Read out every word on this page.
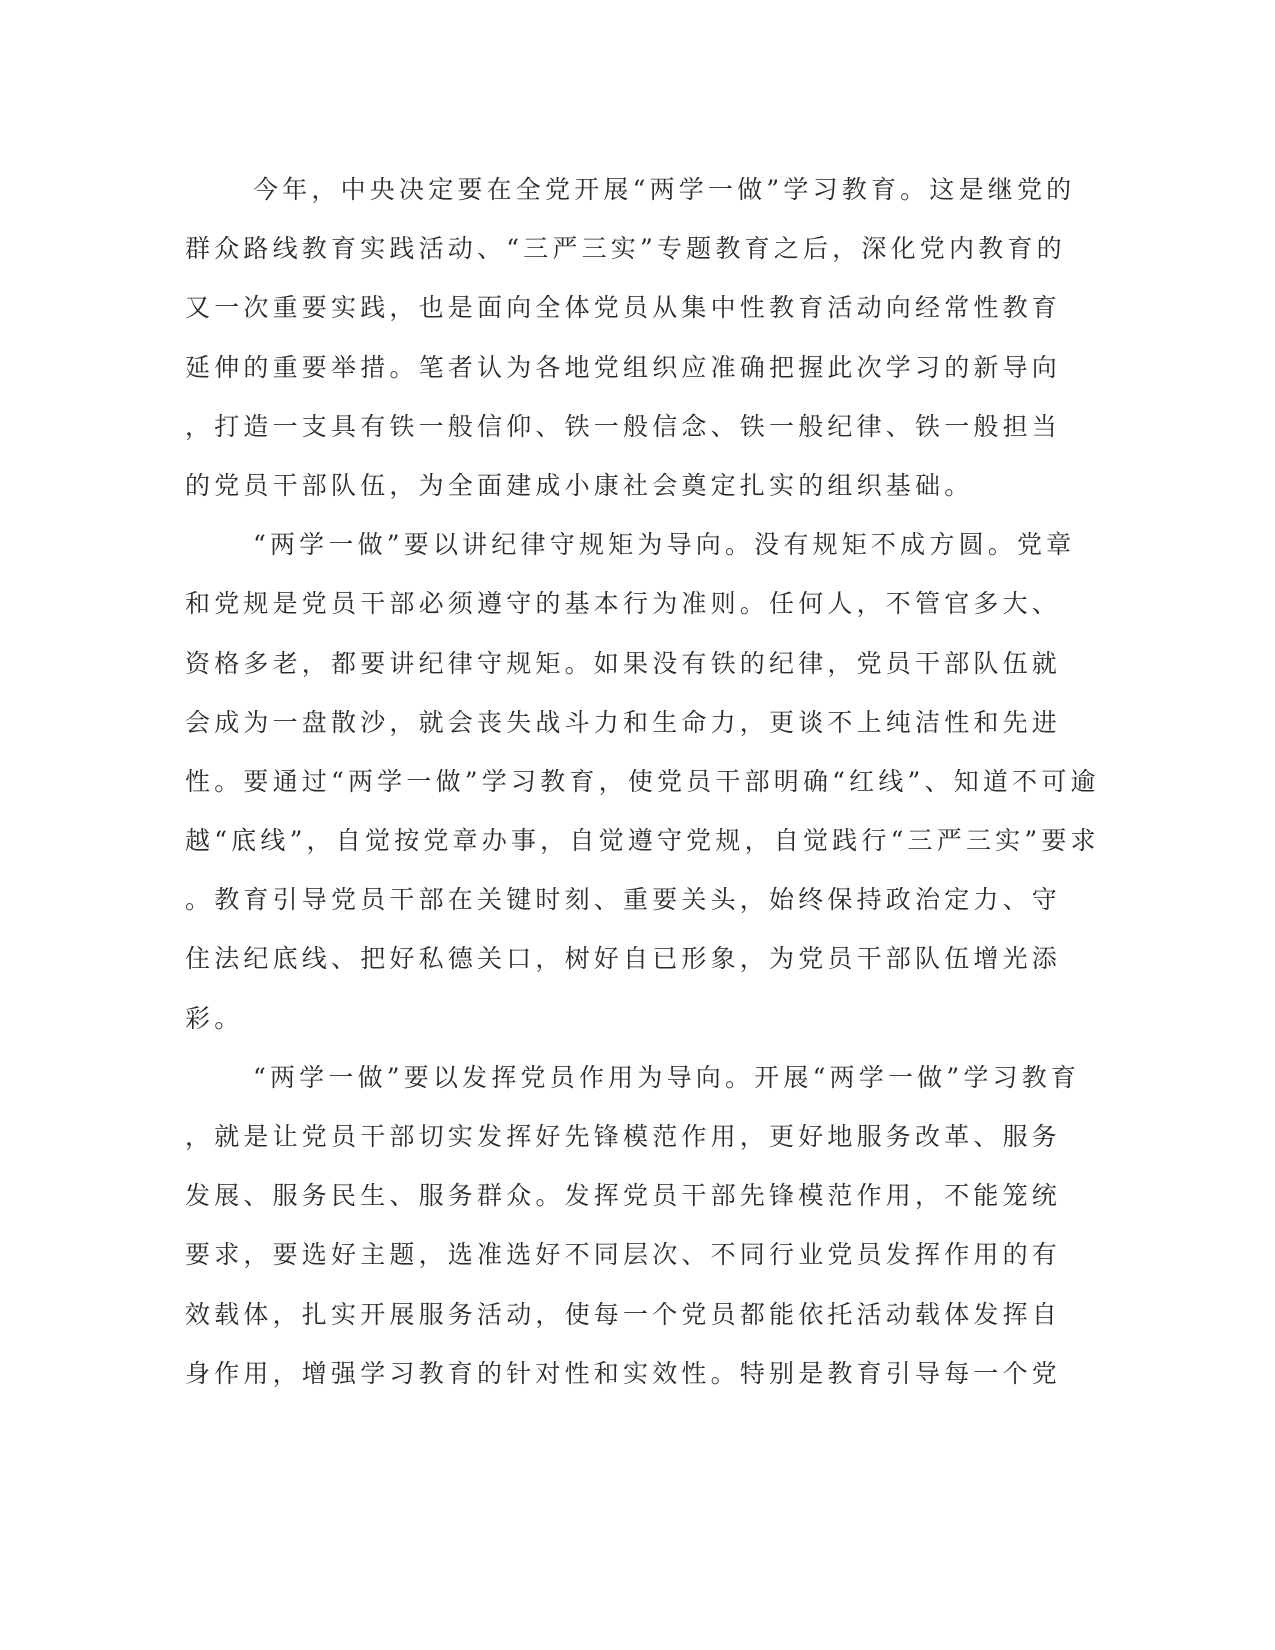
今年，中央决定要在全党开展“两学一做”学习教育。这是继党的
群众路线教育实践活动、“三严三实”专题教育之后，深化党内教育的
又一次重要实践，也是面向全体党员从集中性教育活动向经常性教育
延伸的重要举措。笔者认为各地党组织应准确把握此次学习的新导向
，打造一支具有铁一般信仰、铁一般信念、铁一般纪律、铁一般担当
的党员干部队伍，为全面建成小康社会奠定扎实的组织基础。
“两学一做”要以讲纪律守规矩为导向。没有规矩不成方圆。党章
和党规是党员干部必须遵守的基本行为准则。任何人，不管官多大、
资格多老，都要讲纪律守规矩。如果没有铁的纪律，党员干部队伍就
会成为一盘散沙，就会丧失战斗力和生命力，更谈不上纯洁性和先进
性。要通过“两学一做”学习教育，使党员干部明确“红线”、知道不可逾
越“底线”，自觉按党章办事，自觉遵守党规，自觉践行“三严三实”要求
。教育引导党员干部在关键时刻、重要关头，始终保持政治定力、守
住法纪底线、把好私德关口，树好自已形象，为党员干部队伍增光添
彩。
“两学一做”要以发挥党员作用为导向。开展“两学一做”学习教育
，就是让党员干部切实发挥好先锋模范作用，更好地服务改革、服务
发展、服务民生、服务群众。发挥党员干部先锋模范作用，不能笼统
要求，要选好主题，选准选好不同层次、不同行业党员发挥作用的有
效载体，扎实开展服务活动，使每一个党员都能依托活动载体发挥自
身作用，增强学习教育的针对性和实效性。特别是教育引导每一个党
